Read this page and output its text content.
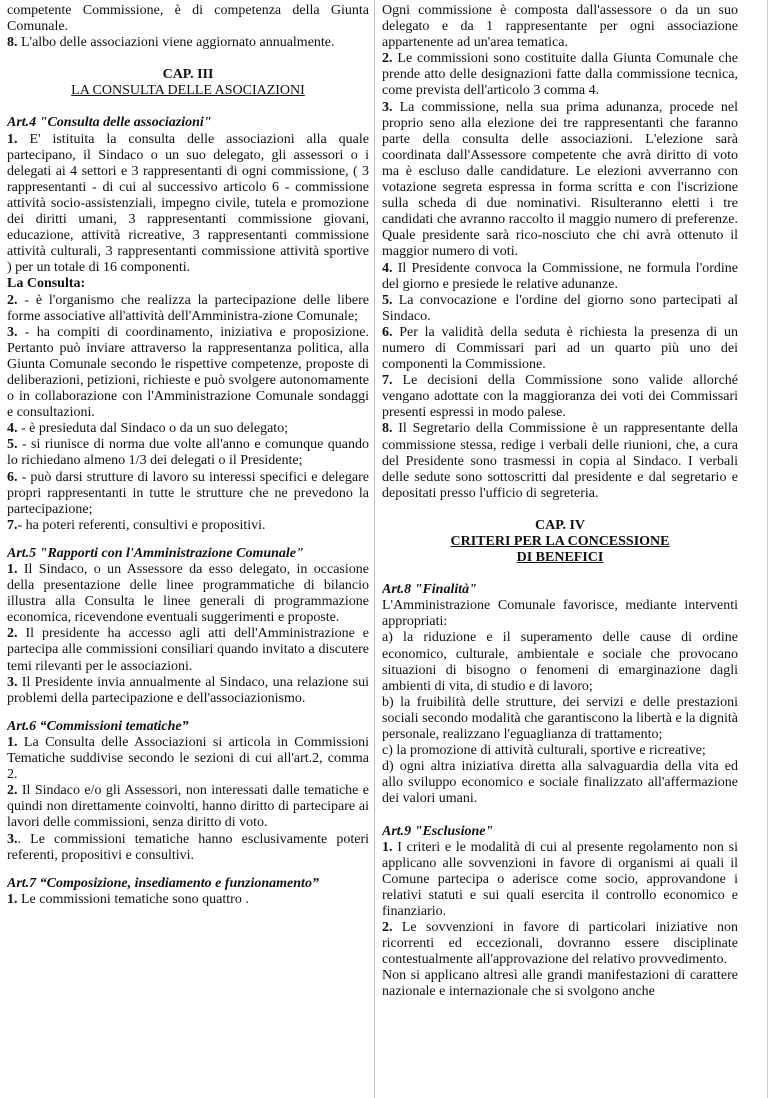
competente Commissione, è di competenza della Giunta Comunale.

8. L'albo delle associazioni viene aggiornato annualmente.

CAP. III

LA CONSULTA DELLE ASOCIAZIONI

Art.4 "Consulta delle associazioni"

1. E' istituita la consulta delle associazioni alla quale partecipano, il Sindaco o un suo delegato, gli assessori o i delegati ai 4 settori e 3 rappresentanti di ogni commissione, ( 3 rappresentanti - di cui al successivo articolo 6 - commissione attività socio-assistenziali, impegno civile, tutela e promozione dei diritti umani, 3 rappresentanti commissione giovani, educazione, attività ricreative, 3 rappresentanti commissione attività culturali, 3 rappresentanti commissione attività sportive ) per un totale di 16 componenti.

La Consulta:

2. - è l'organismo che realizza la partecipazione delle libere forme associative all'attività dell'Amministra-zione Comunale;

3. - ha compiti di coordinamento, iniziativa e proposizione. Pertanto può inviare attraverso la rappresentanza politica, alla Giunta Comunale secondo le rispettive competenze, proposte di deliberazioni, petizioni, richieste e può svolgere autonomamente o in collaborazione con l'Amministrazione Comunale sondaggi e consultazioni.

4. - è presieduta dal Sindaco o da un suo delegato;

5. - si riunisce di norma due volte all'anno e comunque quando lo richiedano almeno 1/3 dei delegati o il Presidente;

6. - può darsi strutture di lavoro su interessi specifici e delegare propri rappresentanti in tutte le strutture che ne prevedono la partecipazione;

7.- ha poteri referenti, consultivi e propositivi.

Art.5 "Rapporti con l'Amministrazione Comunale"

1. Il Sindaco, o un Assessore da esso delegato, in occasione della presentazione delle linee programmatiche di bilancio illustra alla Consulta le linee generali di programmazione economica, ricevendone eventuali suggerimenti e proposte.

2. Il presidente ha accesso agli atti dell'Amministrazione e partecipa alle commissioni consiliari quando invitato a discutere temi rilevanti per le associazioni.

3. Il Presidente invia annualmente al Sindaco, una relazione sui problemi della partecipazione e dell'associazionismo.

Art.6 “Commissioni tematiche”

1. La Consulta delle Associazioni si articola in Commissioni Tematiche suddivise secondo le sezioni di cui all'art.2, comma 2.

2. Il Sindaco e/o gli Assessori, non interessati dalle tematiche e quindi non direttamente coinvolti, hanno diritto di partecipare ai lavori delle commissioni, senza diritto di voto.

3.. Le commissioni tematiche hanno esclusivamente poteri referenti, propositivi e consultivi.

Art.7 “Composizione, insediamento e funzionamento”

1. Le commissioni tematiche sono quattro .

Ogni commissione è composta dall'assessore o da un suo delegato e da 1 rappresentante per ogni associazione appartenente ad un'area tematica.

2. Le commissioni sono costituite dalla Giunta Comunale che prende atto delle designazioni fatte dalla commissione tecnica, come prevista dell'articolo 3 comma 4.

3. La commissione, nella sua prima adunanza, procede nel proprio seno alla elezione dei tre rappresentanti che faranno parte della consulta delle associazioni. L'elezione sarà coordinata dall'Assessore competente che avrà diritto di voto ma è escluso dalle candidature. Le elezioni avverranno con votazione segreta espressa in forma scritta e con l'iscrizione sulla scheda di due nominativi. Risulteranno eletti i tre candidati che avranno raccolto il maggio numero di preferenze. Quale presidente sarà rico-nosciuto che chi avrà ottenuto il maggior numero di voti.

4. Il Presidente convoca la Commissione, ne formula l'ordine del giorno e presiede le relative adunanze.

5. La convocazione e l'ordine del giorno sono partecipati al Sindaco.

6. Per la validità della seduta è richiesta la presenza di un numero di Commissari pari ad un quarto più uno dei componenti la Commissione.

7. Le decisioni della Commissione sono valide allorché vengano adottate con la maggioranza dei voti dei Commissari presenti espressi in modo palese.

8. Il Segretario della Commissione è un rappresentante della commissione stessa, redige i verbali delle riunioni, che, a cura del Presidente sono trasmessi in copia al Sindaco. I verbali delle sedute sono sottoscritti dal presidente e dal segretario e depositati presso l'ufficio di segreteria.

CAP. IV

CRITERI PER LA CONCESSIONE

DI BENEFICI

Art.8 "Finalità"

L'Amministrazione Comunale favorisce, mediante interventi appropriati:

a) la riduzione e il superamento delle cause di ordine economico, culturale, ambientale e sociale che provocano situazioni di bisogno o fenomeni di emarginazione dagli ambienti di vita, di studio e di lavoro;

b) la fruibilità delle strutture, dei servizi e delle prestazioni sociali secondo modalità che garantiscono la libertà e la dignità personale, realizzano l'eguaglianza di trattamento;

c) la promozione di attività culturali, sportive e ricreative;

d) ogni altra iniziativa diretta alla salvaguardia della vita ed allo sviluppo economico e sociale finalizzato all'affermazione dei valori umani.

Art.9 "Esclusione"

1. I criteri e le modalità di cui al presente regolamento non si applicano alle sovvenzioni in favore di organismi ai quali il Comune partecipa o aderisce come socio, approvandone i relativi statuti e sui quali esercita il controllo economico e finanziario.

2. Le sovvenzioni in favore di particolari iniziative non ricorrenti ed eccezionali, dovranno essere disciplinate contestualmente all'approvazione del relativo provvedimento.

Non si applicano altresì alle grandi manifestazioni di carattere nazionale e internazionale che si svolgono anche
